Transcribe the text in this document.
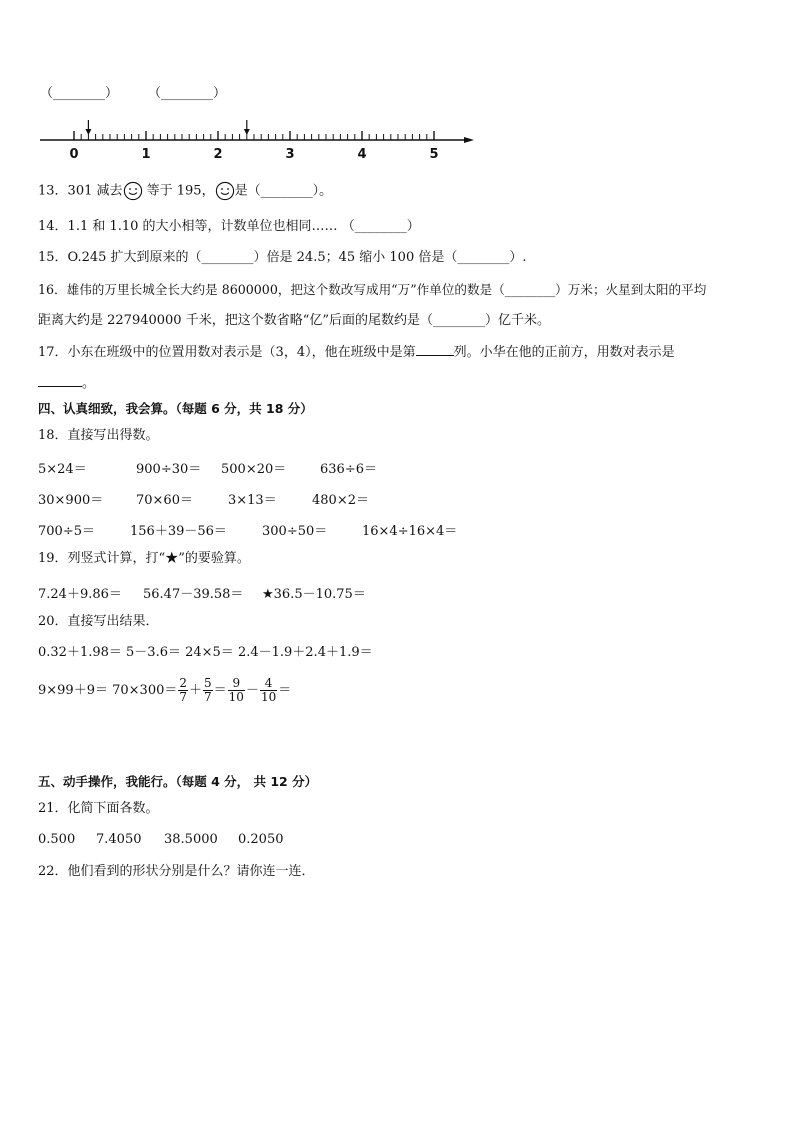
（________） （________）
0	1	2	3	4	5
13．301 减去 等于 195， 是（________）。
14．1.1 和 1.10 的大小相等，计数单位也相同…… （________）
15．O.245 扩大到原来的（________）倍是 24.5；45 缩小 100 倍是（________）.
16．雄伟的万里长城全长大约是 8600000，把这个数改写成用“万”作单位的数是（________）万米；火星到太阳的平均
距离大约是 227940000 千米，把这个数省略“亿”后面的尾数约是（________）亿千米。
17．小东在班级中的位置用数对表示是（3，4），他在班级中是第	列。小华在他的正前方，用数对表示是
。
四、认真细致，我会算。（每题 6 分，共 18 分）
18．直接写出得数。
5×24＝	900÷30＝ 500×20＝	636÷6＝
30×900＝	70×60＝	3×13＝	480×2＝
700÷5＝	156＋39－56＝	300÷50＝	16×4÷16×4＝
19．列竖式计算，打“★”的要验算。
7.24＋9.86＝ 56.47－39.58＝ ★36.5－10.75＝
20．直接写出结果．
0.32＋1.98＝ 5－3.6＝ 24×5＝ 2.4－1.9＋2.4＋1.9＝
$9\times 99+9= 70\times 300= \frac{2}{7} + \frac{5}{7} = \frac{9}{10} - \frac{4}{10}$ ＝
五、动手操作，我能行。（每题 4 分， 共 12 分）
21．化简下面各数。
0.500 7.4050 38.5000 0.2050
22．他们看到的形状分别是什么？请你连一连．
